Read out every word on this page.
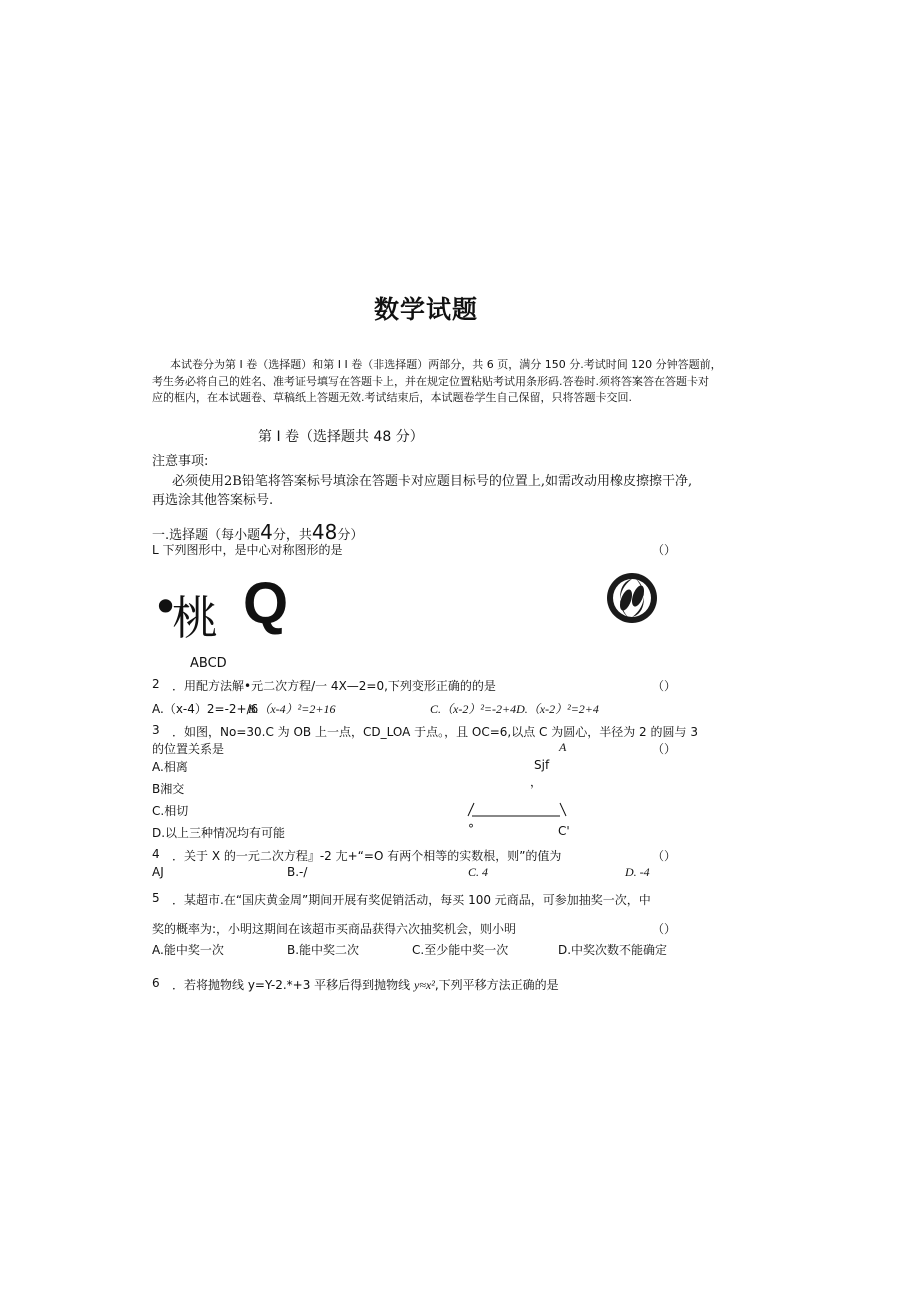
数学试题
本试卷分为第 I 卷（选择题）和第 I I 卷（非选择题）两部分，共 6 页，满分 150 分.考试时间 120 分钟答题前，
考生务必将自己的姓名、准考证号填写在答题卡上，并在规定位置粘贴考试用条形码.答卷时.须将答案答在答题卡对
应的框内，在本试题卷、草稿纸上答题无效.考试结束后，本试题卷学生自己保留，只将答题卡交回.
第 I 卷（选择题共 48 分）
注意事项:
必须使用2B铅笔将答案标号填涂在答题卡对应题目标号的位置上,如需改动用橡皮擦擦干净,
再选涂其他答案标号.
一.选择题（每小题4分，共48分）
L 下列图形中，是中心对称图形的是	（）
•
桃 Q
ABCD
2 ．用配方法解•元二次方程/一 4X—2=0,下列变形正确的的是	（）
A.（x-4）2=-2+/6
B.（x-4）²=2+16	C.（x-2）²=-2+4D.（x-2）²=2+4
3 ．如图，No=30.C 为 OB 上一点，CD_LOA 于点。，且 OC=6,以点 C 为圆心，半径为 2 的圆与 3
的位置关系是	A	（）
A.相离	Sjf
，
B湘交
C.相切
D.以上三种情况均有可能	°	C'
4 ．关于 X 的一元二次方程』-2 尢+“=O 有两个相等的实数根，则”的值为	（）
AJ	B.-/	C. 4	D. -4
5 ．某超市.在“国庆黄金周”期间开展有奖促销活动，每买 100 元商品，可参加抽奖一次，中
奖的概率为:，小明这期间在该超市买商品获得六次抽奖机会，则小明	（）
A.能中奖一次	B.能中奖二次	C.至少能中奖一次	D.中奖次数不能确定
6 ．若将抛物线 y=Y-2.*+3 平移后得到抛物线 y≈x²,下列平移方法正确的是
